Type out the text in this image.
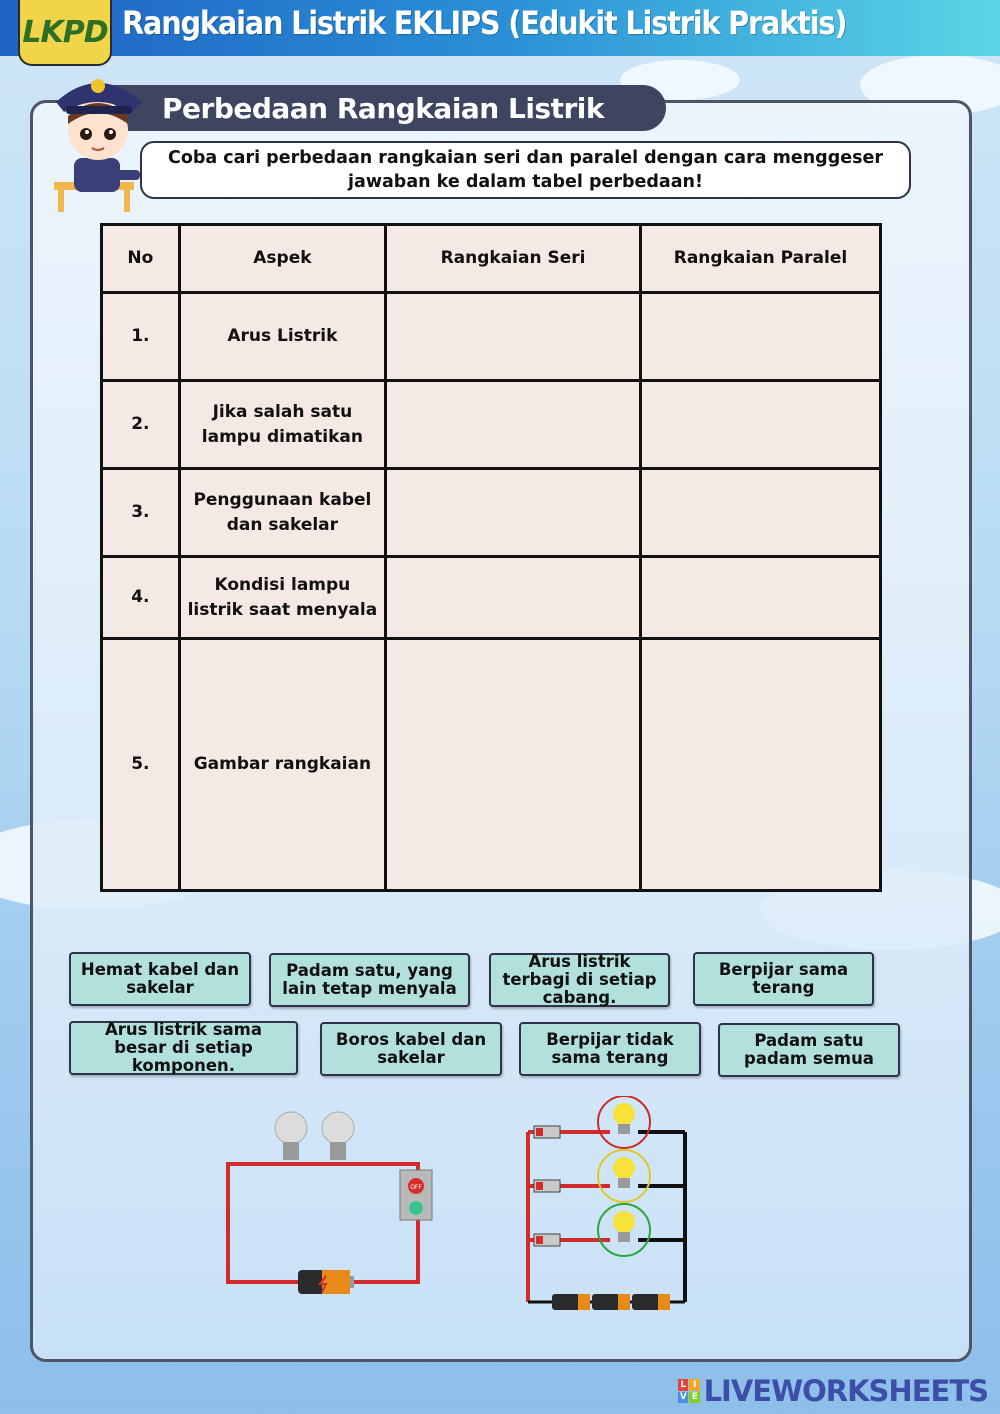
LKPD Rangkaian Listrik EKLIPS (Edukit Listrik Praktis)
Perbedaan Rangkaian Listrik
Coba cari perbedaan rangkaian seri dan paralel dengan cara menggeser jawaban ke dalam tabel perbedaan!
No	Aspek	Rangkaian Seri	Rangkaian Paralel
1.	Arus Listrik		
2.	Jika salah satu lampu dimatikan		
3.	Penggunaan kabel dan sakelar		
4.	Kondisi lampu listrik saat menyala		
5.	Gambar rangkaian		
Hemat kabel dan sakelar
Padam satu, yang lain tetap menyala
Arus listrik terbagi di setiap cabang.
Berpijar sama terang
Arus listrik sama besar di setiap komponen.
Boros kabel dan sakelar
Berpijar tidak sama terang
Padam satu padam semua
OFF
L I
V E LIVEWORKSHEETS
